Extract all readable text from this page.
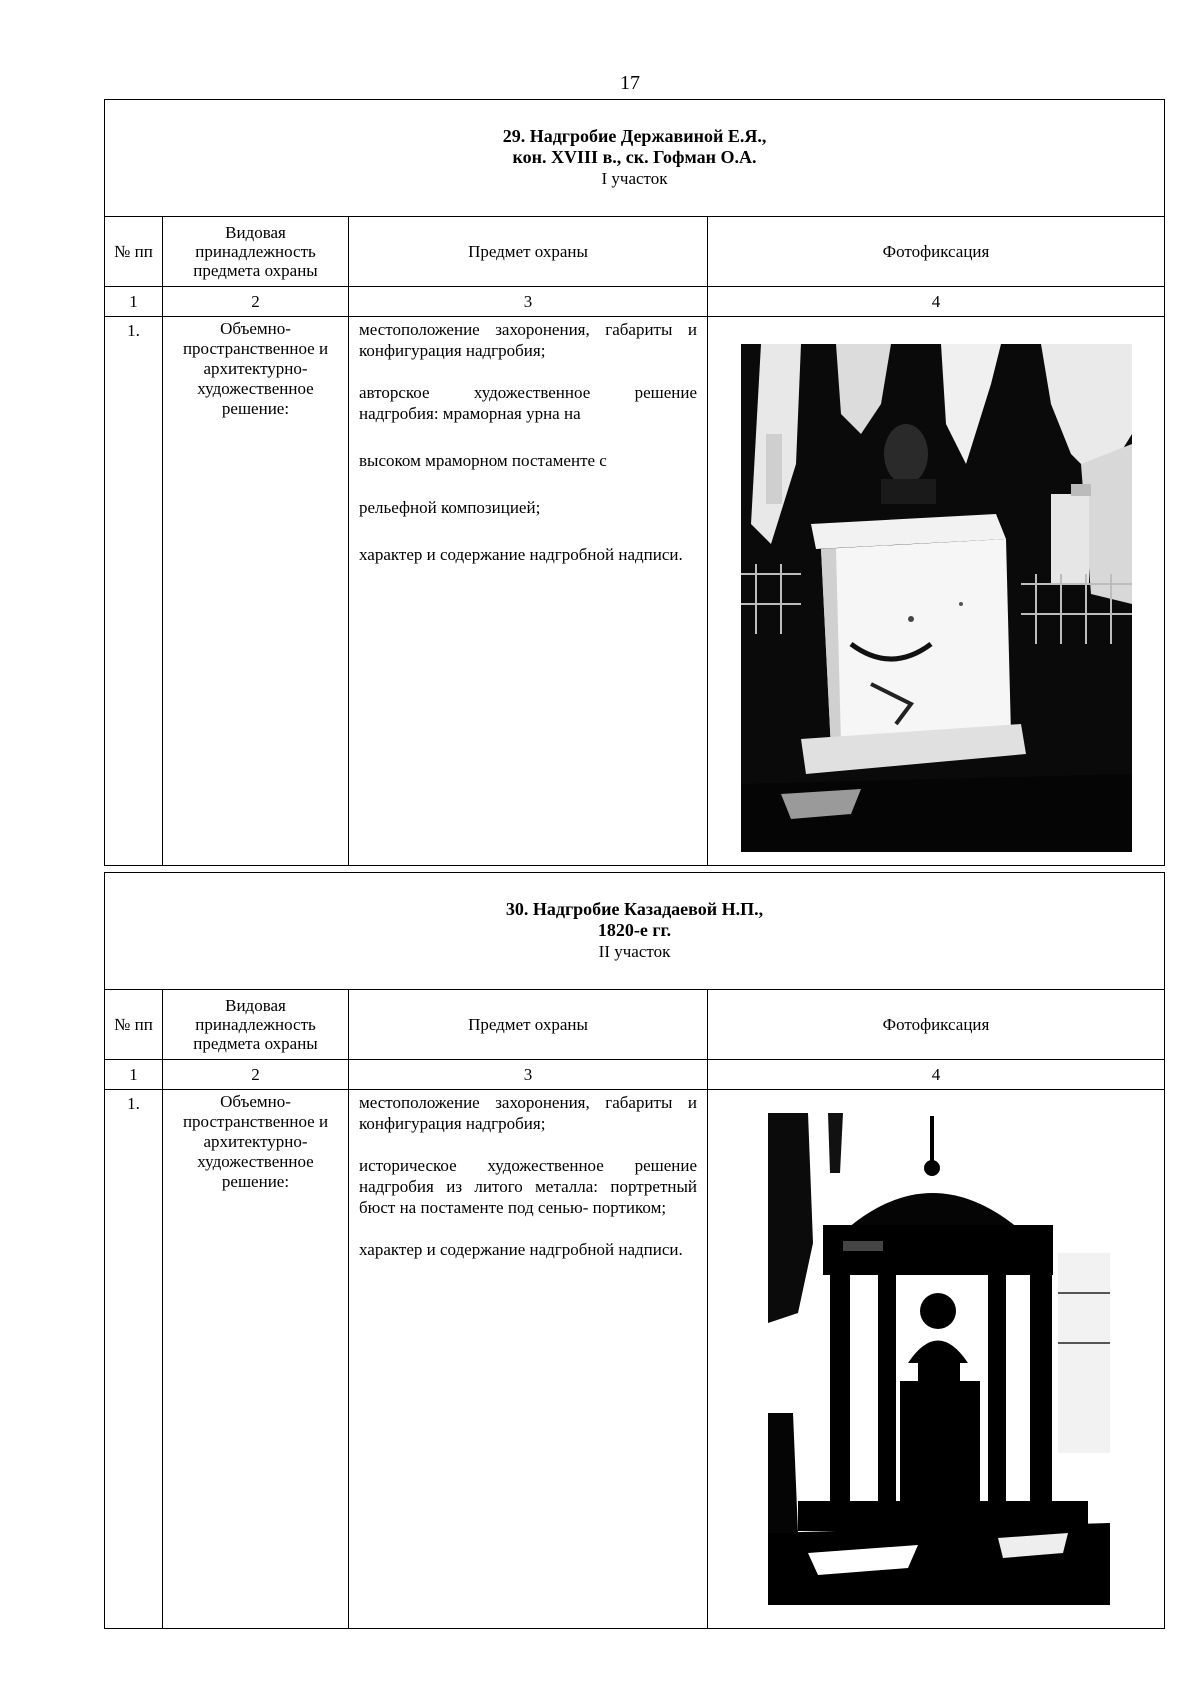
17
29. Надгробие Державиной Е.Я.,
кон. XVIII в., ск. Гофман О.А.
I участок			

№ пп	Видовая принадлежность предмета охраны	Предмет охраны	Фотофиксация
1	2	3	4
1.	Объемно-пространственное и архитектурно-художественное решение:	местоположение захоронения, габариты и конфигурация надгробия;

авторское художественное решение надгробия: мраморная урна на

высоком мраморном постаменте с

рельефной композицией;

характер и содержание надгробной надписи.	

30. Надгробие Казадаевой Н.П.,
1820-е гг.
II участок			

№ пп	Видовая принадлежность предмета охраны	Предмет охраны	Фотофиксация
1	2	3	4
1.	Объемно-пространственное и архитектурно-художественное решение:	местоположение захоронения, габариты и конфигурация надгробия;

историческое художественное решение надгробия из литого металла: портретный бюст на постаменте под сенью- портиком;

характер и содержание надгробной надписи.	
